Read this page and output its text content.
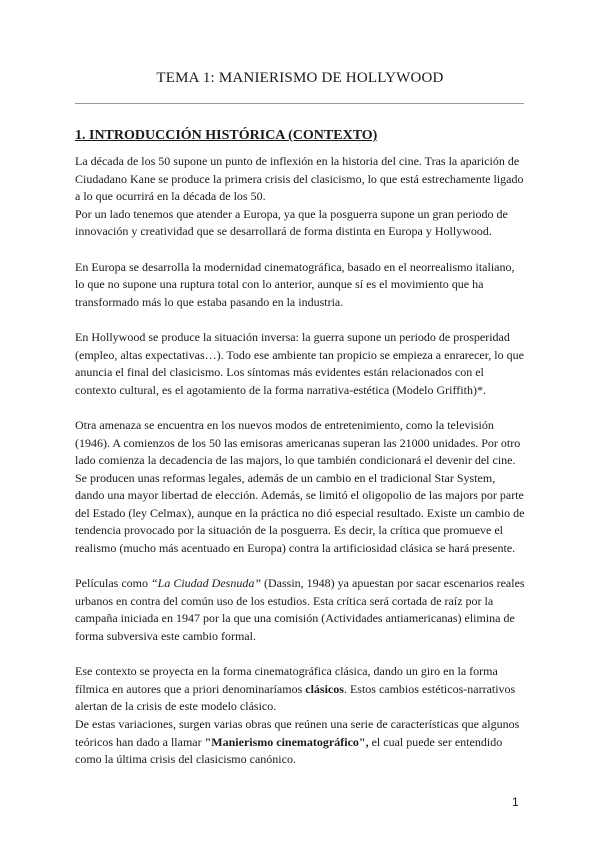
TEMA 1: MANIERISMO DE HOLLYWOOD
1. INTRODUCCIÓN HISTÓRICA (CONTEXTO)

La década de los 50 supone un punto de inflexión en la historia del cine. Tras la aparición de Ciudadano Kane se produce la primera crisis del clasicismo, lo que está estrechamente ligado a lo que ocurrirá en la década de los 50.

Por un lado tenemos que atender a Europa, ya que la posguerra supone un gran periodo de innovación y creatividad que se desarrollará de forma distinta en Europa y Hollywood.

En Europa se desarrolla la modernidad cinematográfica, basado en el neorrealismo italiano, lo que no supone una ruptura total con lo anterior, aunque sí es el movimiento que ha transformado más lo que estaba pasando en la industria.

En Hollywood se produce la situación inversa: la guerra supone un periodo de prosperidad (empleo, altas expectativas…). Todo ese ambiente tan propicio se empieza a enrarecer, lo que anuncia el final del clasicismo. Los síntomas más evidentes están relacionados con el contexto cultural, es el agotamiento de la forma narrativa-estética (Modelo Griffith)*.

Otra amenaza se encuentra en los nuevos modos de entretenimiento, como la televisión (1946). A comienzos de los 50 las emisoras americanas superan las 21000 unidades. Por otro lado comienza la decadencia de las majors, lo que también condicionará el devenir del cine. Se producen unas reformas legales, además de un cambio en el tradicional Star System, dando una mayor libertad de elección. Además, se limitó el oligopolio de las majors por parte del Estado (ley Celmax), aunque en la práctica no dió especial resultado. Existe un cambio de tendencia provocado por la situación de la posguerra. Es decir, la crítica que promueve el realismo (mucho más acentuado en Europa) contra la artificiosidad clásica se hará presente.

Películas como “La Ciudad Desnuda” (Dassin, 1948) ya apuestan por sacar escenarios reales urbanos en contra del común uso de los estudios. Esta crítica será cortada de raíz por la campaña iniciada en 1947 por la que una comisión (Actividades antiamericanas) elimina de forma subversiva este cambio formal.

Ese contexto se proyecta en la forma cinematográfica clásica, dando un giro en la forma fílmica en autores que a priori denominaríamos clásicos. Estos cambios estéticos-narrativos alertan de la crisis de este modelo clásico.

De estas variaciones, surgen varias obras que reúnen una serie de características que algunos teóricos han dado a llamar "Manierismo cinematográfico", el cual puede ser entendido como la última crisis del clasicismo canónico.

1
